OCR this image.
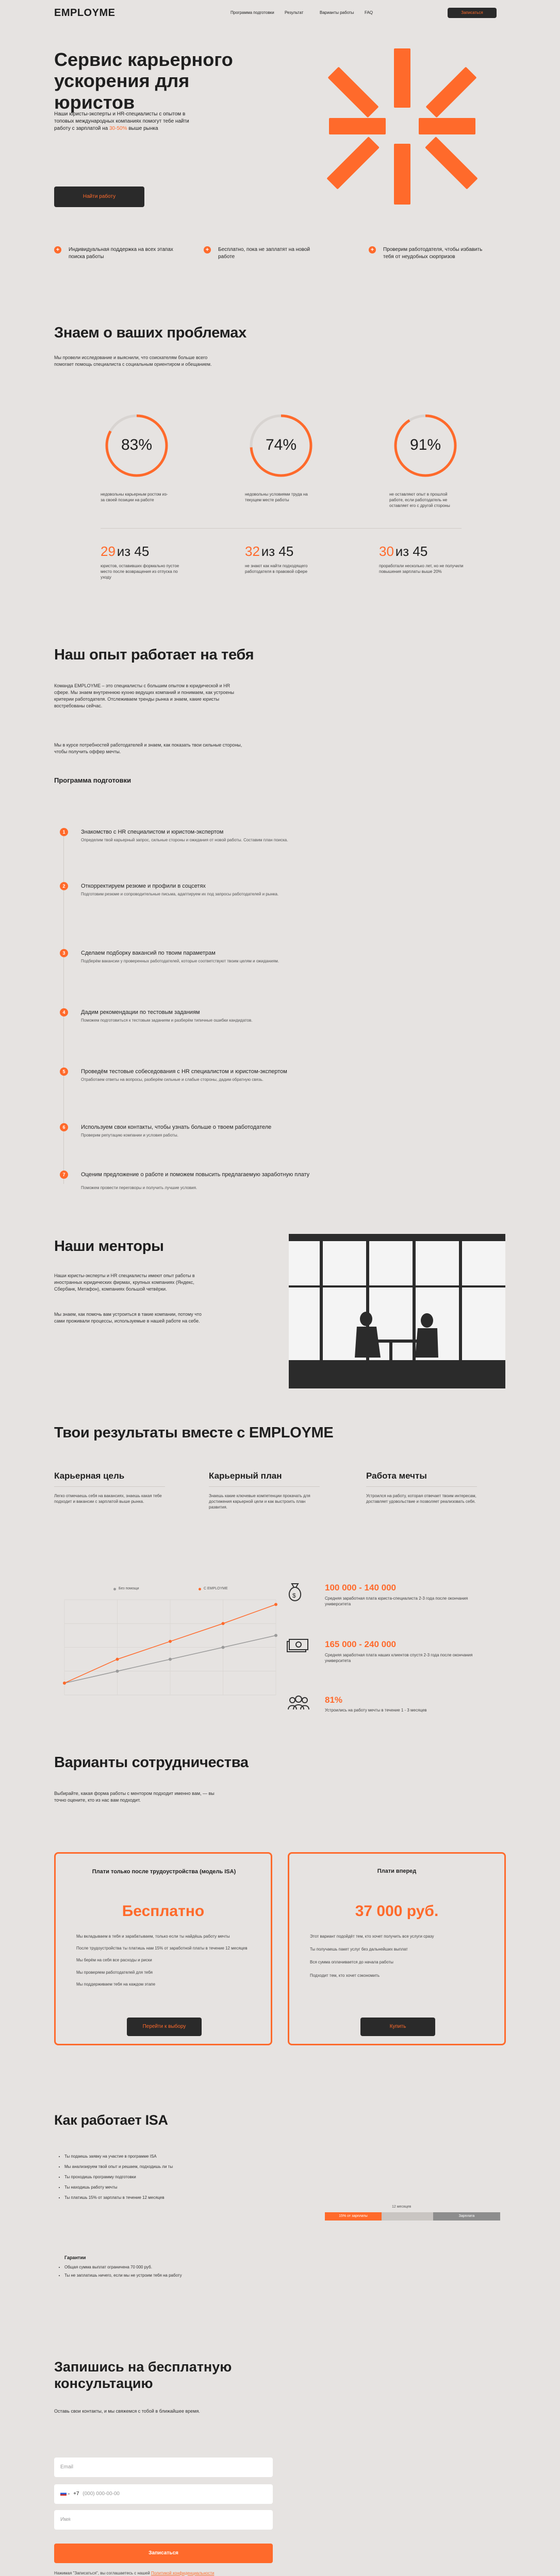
EMPLOYME	Программа подготовки	Результат	Варианты работы	FAQ	Записаться
Сервис карьерного ускорения для юристов
Наши юристы-эксперты и HR-специалисты с опытом в топовых международных компаниях помогут тебе найти работу с зарплатой на 30-50% выше рынка
Найти работу
+	Индивидуальная поддержка на всех этапах поиска работы
+	Бесплатно, пока не заплатят на новой работе
+	Проверим работодателя, чтобы избавить тебя от неудобных сюрпризов
Знаем о ваших проблемах
Мы провели исследование и выяснили, что соискателям больше всего помогает помощь специалиста с социальным ориентиром и обещанием.
83%
недовольны карьерным ростом из-за своей позиции на работе
74%
недовольны условиями труда на текущем месте работы
91%
не оставляют опыт в прошлой работе, если работодатель не оставляет его с другой стороны
29 из 45
юристов, оставивших формально пустое место после возвращения из отпуска по уходу
32 из 45
не знают как найти подходящего работодателя в правовой сфере
30 из 45
проработали несколько лет, но не получили повышения зарплаты выше 20%
Наш опыт работает на тебя
Команда EMPLOYME – это специалисты с большим опытом в юридической и HR сфере. Мы знаем внутреннюю кухню ведущих компаний и понимаем, как устроены критерии работодателя. Отслеживаем тренды рынка и знаем, какие юристы востребованы сейчас.
Мы в курсе потребностей работодателей и знаем, как показать твои сильные стороны, чтобы получить оффер мечты.
Программа подготовки
1	Знакомство с HR специалистом и юристом-экспертом
Определим твой карьерный запрос, сильные стороны и ожидания от новой работы. Составим план поиска.
2	Откорректируем резюме и профили в соцсетях
Подготовим резюме и сопроводительные письма, адаптируем их под запросы работодателей и рынка.
3	Сделаем подборку вакансий по твоим параметрам
Подберём вакансии у проверенных работодателей, которые соответствуют твоим целям и ожиданиям.
4	Дадим рекомендации по тестовым заданиям
Поможем подготовиться к тестовым заданиям и разберём типичные ошибки кандидатов.
5	Проведём тестовые собеседования с HR специалистом и юристом-экспертом
Отработаем ответы на вопросы, разберём сильные и слабые стороны, дадим обратную связь.
6	Используем свои контакты, чтобы узнать больше о твоем работодателе
Проверим репутацию компании и условия работы.
7	Оценим предложение о работе и поможем повысить предлагаемую заработную плату
Поможем провести переговоры и получить лучшие условия.
Наши менторы
Наши юристы-эксперты и HR специалисты имеют опыт работы в иностранных юридических фирмах, крупных компаниях (Яндекс, Сбербанк, Метафон), компаниях большой четвёрки.
Мы знаем, как помочь вам устроиться в такие компании, потому что сами проживали процессы, используемые в нашей работе на себе.
Твои результаты вместе с EMPLOYME
Карьерная цель
Легко отмечаешь себя на вакансиях, знаешь какая тебе подходит и вакансии с зарплатой выше рынка.
Карьерный план
Знаешь какие ключевые компетенции прокачать для достижения карьерной цели и как выстроить план развития.
Работа мечты
Устроился на работу, которая отвечает твоим интересам, доставляет удовольствие и позволяет реализовать себя.
Без помощи	С EMPLOYME
$
100 000 - 140 000
Средняя заработная плата юриста-специалиста 2-3 года после окончания университета
165 000 - 240 000
Средняя заработная плата наших клиентов спустя 2-3 года после окончания университета
81%
Устроились на работу мечты в течение 1 - 3 месяцев
Варианты сотрудничества
Выбирайте, какая форма работы с ментором подходит именно вам, — вы точно оцените, кто из нас вам подходит.
Плати только после трудоустройства (модель ISA)
Бесплатно
Мы вкладываем в тебя и зарабатываем, только если ты найдёшь работу мечты
После трудоустройства ты платишь нам 15% от заработной платы в течение 12 месяцев
Мы берём на себя все расходы и риски
Мы проверяем работодателей для тебя
Мы поддерживаем тебя на каждом этапе
Перейти к выбору
Плати вперед
37 000 руб.
Этот вариант подойдёт тем, кто хочет получить все услуги сразу
Ты получаешь пакет услуг без дальнейших выплат
Вся сумма оплачивается до начала работы
Подходит тем, кто хочет сэкономить
Купить
Как работает ISA
• Ты подаешь заявку на участие в программе ISA
• Мы анализируем твой опыт и решаем, подходишь ли ты
• Ты проходишь программу подготовки
• Ты находишь работу мечты
• Ты платишь 15% от зарплаты в течение 12 месяцев
Гарантии
• Общая сумма выплат ограничена 70 000 руб.
• Ты не заплатишь ничего, если мы не устроим тебя на работу
12 месяцев
15% от зарплаты	Зарплата
Запишись на бесплатную консультацию
Оставь свои контакты, и мы свяжемся с тобой в ближайшее время.
Email
▾ +7 (000) 000-00-00
Имя
Записаться
Нажимая "Записаться", вы соглашаетесь с нашей Политикой конфиденциальности
